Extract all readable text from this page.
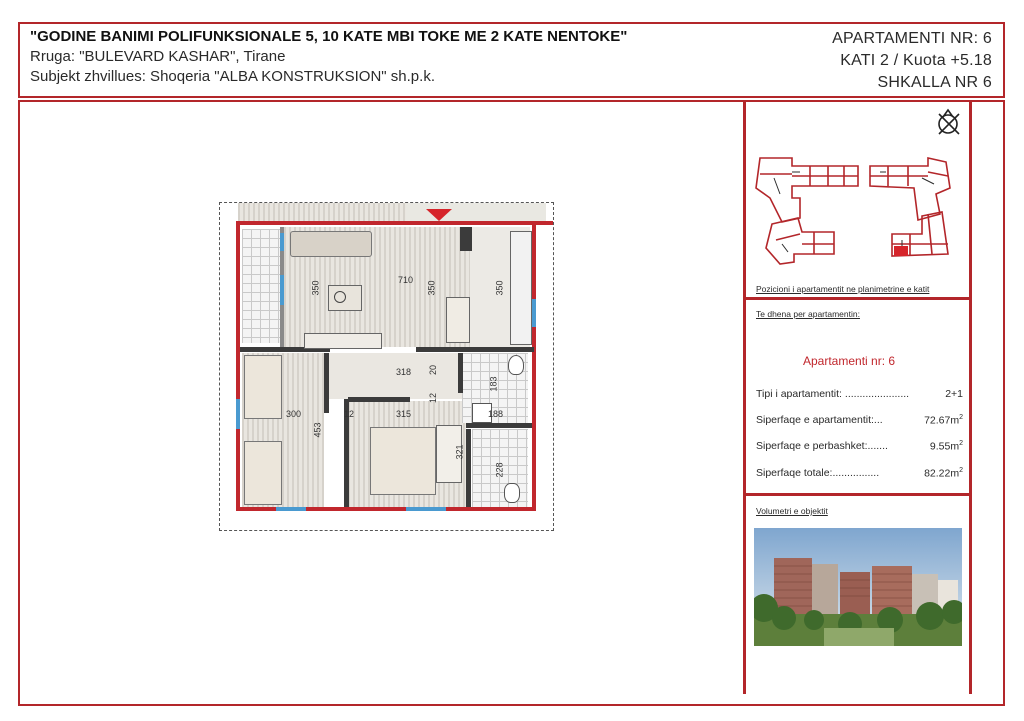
"GODINE BANIMI POLIFUNKSIONALE 5, 10 KATE MBI TOKE ME 2 KATE NENTOKE"
Rruga: "BULEVARD KASHAR", Tirane
Subjekt zhvillues: Shoqeria "ALBA KONSTRUKSION" sh.p.k.
APARTAMENTI NR: 6
KATI 2 / Kuota +5.18
SHKALLA NR 6
Pozicioni i apartamentit ne planimetrine e katit
Te dhena per apartamentin:
Apartamenti nr: 6
Tipi i apartamentit: ......................	2+1
Siperfaqe e apartamentit:...	$72.67m^2$
Siperfaqe e perbashket:.......	$9.55m^2$
Siperfaqe totale:................	$82.22m^2$
Volumetri e objektit
710
350	350	350
318 20
183
300
453
12	315
321
12
188
228
